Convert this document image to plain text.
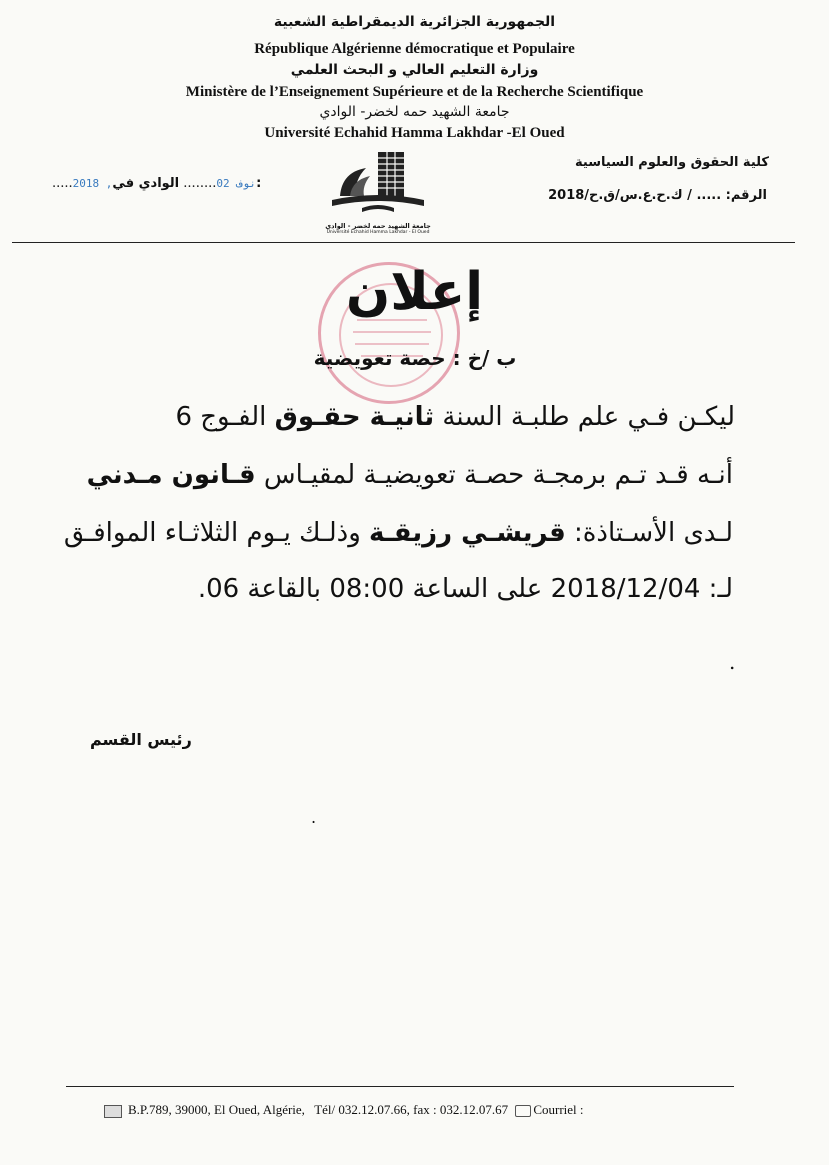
الجمهورية الجزائرية الديمقراطية الشعبية
République Algérienne démocratique et Populaire
وزارة التعليم العالي و البحث العلمي
Ministère de l’Enseignement Supérieure et de la Recherche Scientifique
جامعة الشهيد حمه لخضر- الوادي
Université Echahid Hamma Lakhdar -El Oued
كلية الحقوق والعلوم السياسية
الرقم: ..... / ك.ح.ع.س/ق.ح/2018
.....2018 ,نوف 02........ الوادي في:
جامعة الشهيد حمه لخضر - الوادي
Université Echahid Hamma Lakhdar - El Oued
إعلان
ب /خ : حصة تعويضية
ليكـن فـي علم طلبـة السنة ثانيـة حقـوق الفـوج 6
أنـه قـد تـم برمجـة حصـة تعويضيـة لمقيـاس قـانون مـدني
لـدى الأسـتاذة: قريشـي رزيقـة وذلـك يـوم الثلاثـاء الموافـق
لـ: 2018/12/04 على الساعة 08:00 بالقاعة 06.
.
.
رئيس القسم
B.P.789, 39000, El Oued, Algérie, Tél/ 032.12.07.66, fax : 032.12.07.67 Courriel :
